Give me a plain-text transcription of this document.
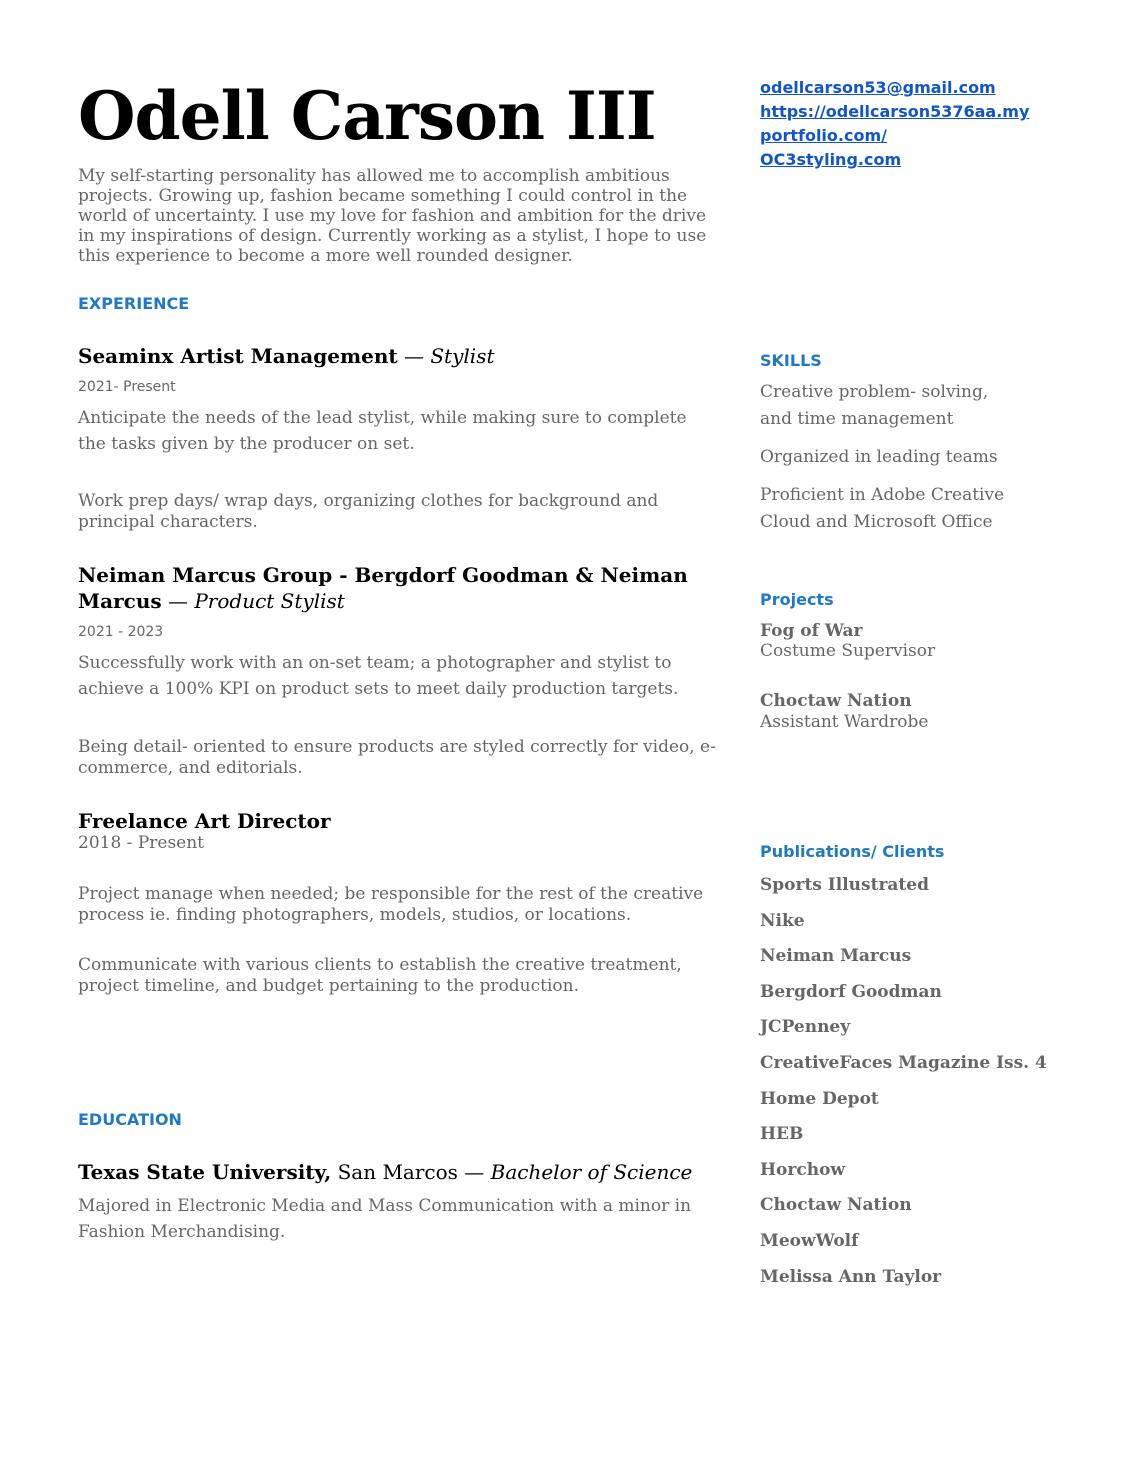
Odell Carson III

My self-starting personality has allowed me to accomplish ambitious projects. Growing up, fashion became something I could control in the world of uncertainty. I use my love for fashion and ambition for the drive in my inspirations of design. Currently working as a stylist, I hope to use this experience to become a more well rounded designer.

odellcarson53@gmail.com
https://odellcarson5376aa.myportfolio.com/
OC3styling.com
EXPERIENCE
Seaminx Artist Management — Stylist
2021- Present

Anticipate the needs of the lead stylist, while making sure to complete the tasks given by the producer on set.

Work prep days/ wrap days, organizing clothes for background and principal characters.

Neiman Marcus Group - Bergdorf Goodman & Neiman Marcus — Product Stylist
2021 - 2023

Successfully work with an on-set team; a photographer and stylist to achieve a 100% KPI on product sets to meet daily production targets.

Being detail- oriented to ensure products are styled correctly for video, e-commerce, and editorials.

Freelance Art Director
2018 - Present

Project manage when needed; be responsible for the rest of the creative process ie. finding photographers, models, studios, or locations.

Communicate with various clients to establish the creative treatment, project timeline, and budget pertaining to the production.

EDUCATION
Texas State University, San Marcos — Bachelor of Science

Majored in Electronic Media and Mass Communication with a minor in Fashion Merchandising.

SKILLS

Creative problem- solving, and time management

Organized in leading teams

Proficient in Adobe Creative Cloud and Microsoft Office

Projects
Fog of War
Costume Supervisor
Choctaw Nation
Assistant Wardrobe
Publications/ Clients
Sports Illustrated
Nike
Neiman Marcus
Bergdorf Goodman
JCPenney
CreativeFaces Magazine Iss. 4
Home Depot
HEB
Horchow
Choctaw Nation
MeowWolf
Melissa Ann Taylor
